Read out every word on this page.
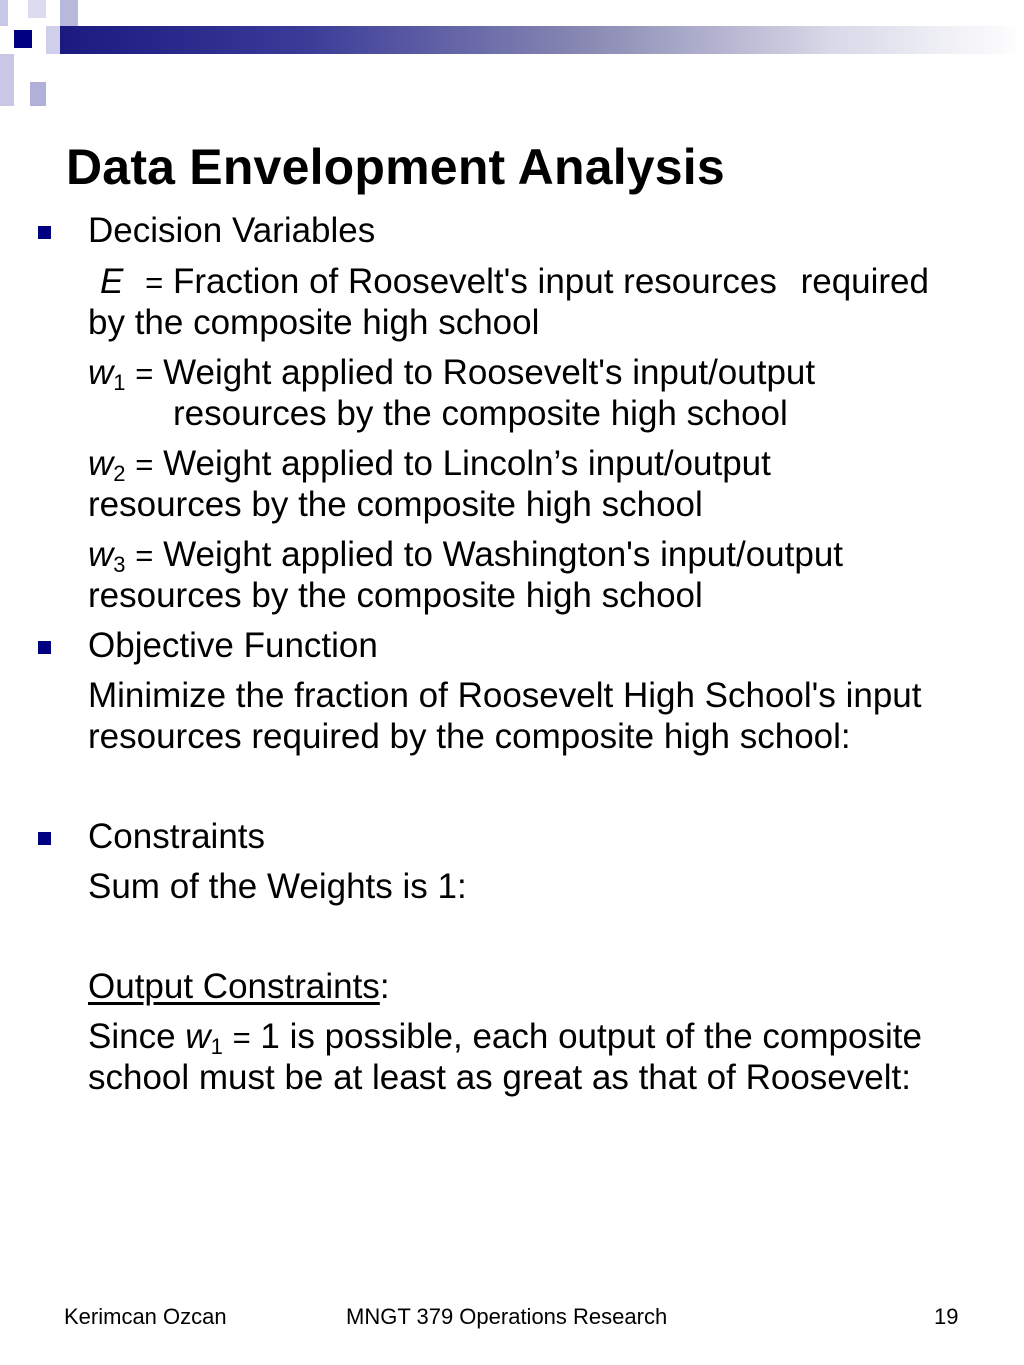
Data Envelopment Analysis
Decision Variables
E = Fraction of Roosevelt's input resources required
by the composite high school
$w_1$ = Weight applied to Roosevelt's input/output
resources by the composite high school
$w_2$ = Weight applied to Lincoln’s input/output
resources by the composite high school
$w_3$ = Weight applied to Washington's input/output
resources by the composite high school
Objective Function
Minimize the fraction of Roosevelt High School's input
resources required by the composite high school:
Constraints
Sum of the Weights is 1:
Output Constraints:
Since $w_1 = 1$ is possible, each output of the composite
school must be at least as great as that of Roosevelt:
Kerimcan Ozcan	MNGT 379 Operations Research	19
